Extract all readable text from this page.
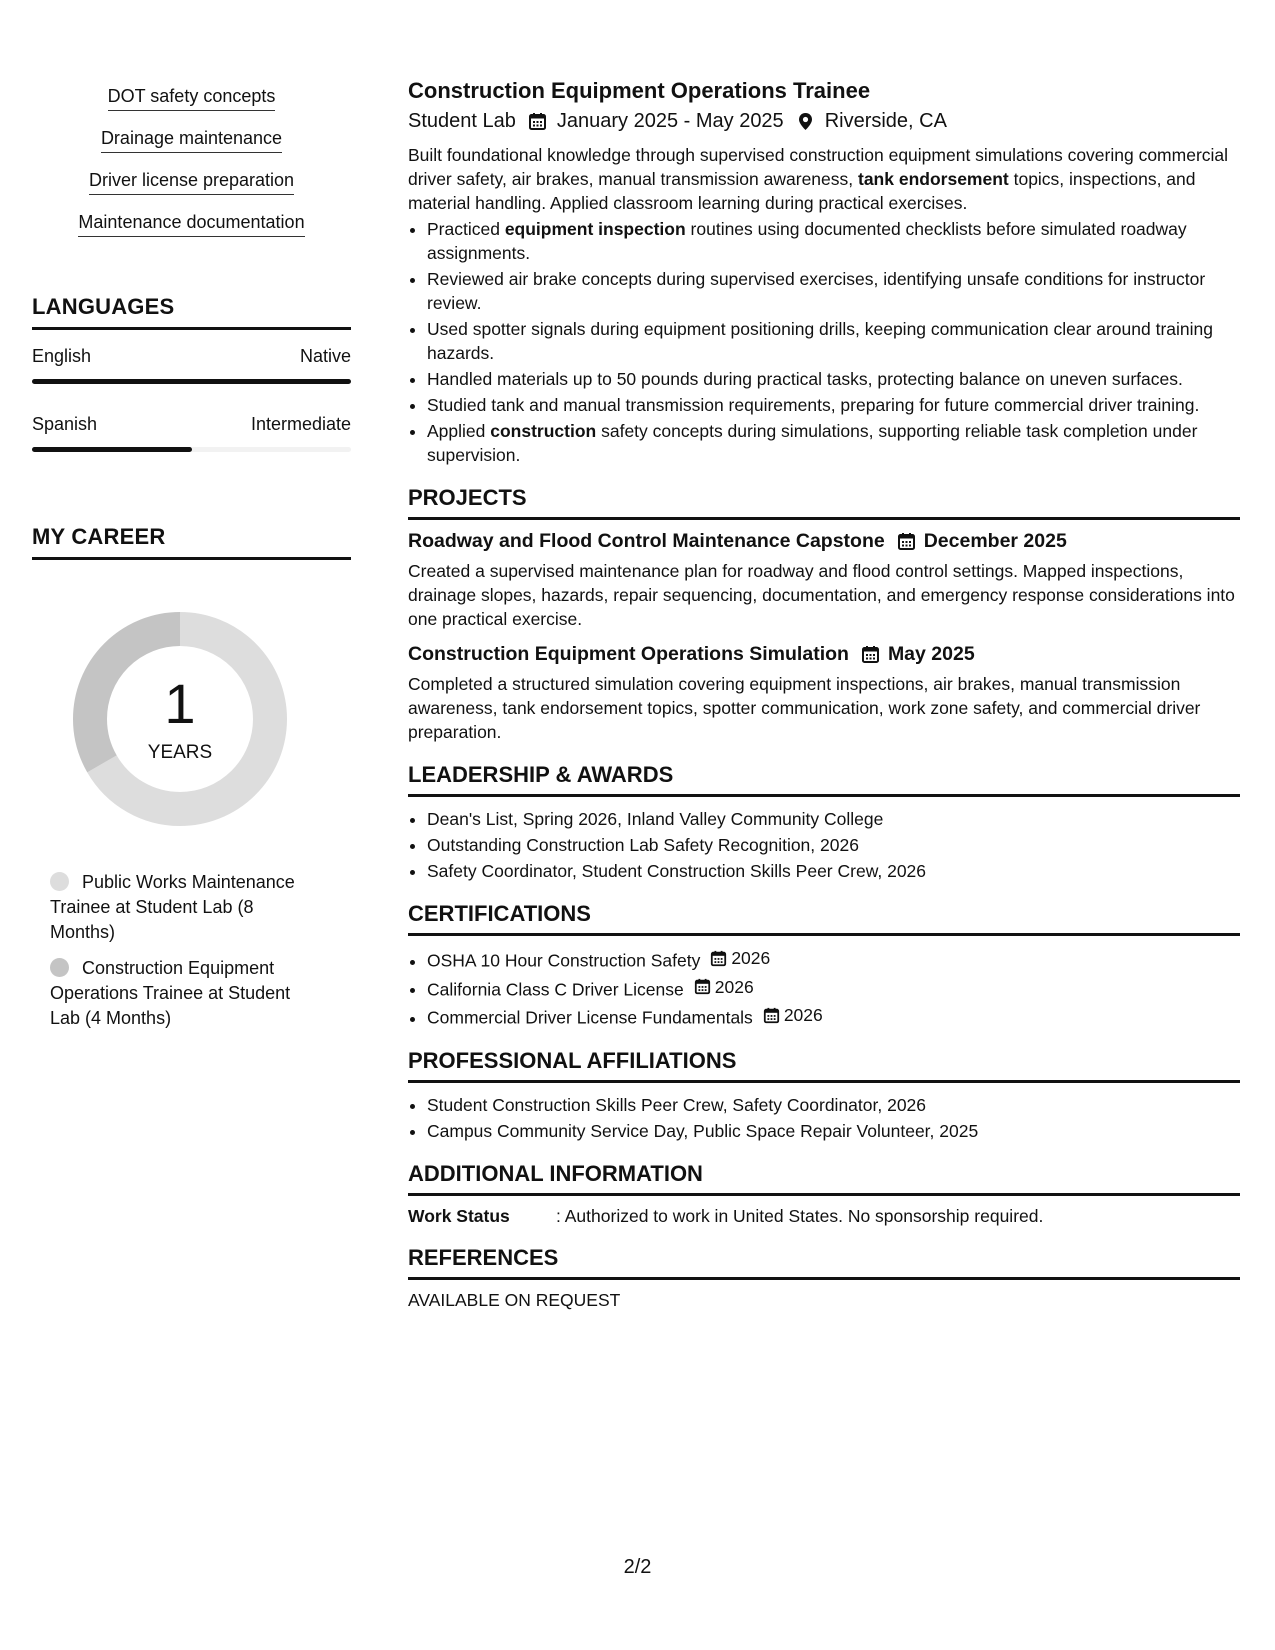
DOT safety concepts
Drainage maintenance
Driver license preparation
Maintenance documentation
LANGUAGES
English	Native
Spanish	Intermediate
MY CAREER
1
YEARS
Public Works Maintenance Trainee at Student Lab (8 Months)
Construction Equipment Operations Trainee at Student Lab (4 Months)
Construction Equipment Operations Trainee
Student Lab January 2025 - May 2025 Riverside, CA

Built foundational knowledge through supervised construction equipment simulations covering commercial driver safety, air brakes, manual transmission awareness, tank endorsement topics, inspections, and material handling. Applied classroom learning during practical exercises.

• Practiced equipment inspection routines using documented checklists before simulated roadway assignments.
• Reviewed air brake concepts during supervised exercises, identifying unsafe conditions for instructor review.
• Used spotter signals during equipment positioning drills, keeping communication clear around training hazards.
• Handled materials up to 50 pounds during practical tasks, protecting balance on uneven surfaces.
• Studied tank and manual transmission requirements, preparing for future commercial driver training.
• Applied construction safety concepts during simulations, supporting reliable task completion under supervision.
PROJECTS
Roadway and Flood Control Maintenance Capstone December 2025
Created a supervised maintenance plan for roadway and flood control settings. Mapped inspections, drainage slopes, hazards, repair sequencing, documentation, and emergency response considerations into one practical exercise.
Construction Equipment Operations Simulation May 2025
Completed a structured simulation covering equipment inspections, air brakes, manual transmission awareness, tank endorsement topics, spotter communication, work zone safety, and commercial driver preparation.
LEADERSHIP & AWARDS
• Dean's List, Spring 2026, Inland Valley Community College
• Outstanding Construction Lab Safety Recognition, 2026
• Safety Coordinator, Student Construction Skills Peer Crew, 2026
CERTIFICATIONS
• OSHA 10 Hour Construction Safety 2026
• California Class C Driver License 2026
• Commercial Driver License Fundamentals 2026
PROFESSIONAL AFFILIATIONS
• Student Construction Skills Peer Crew, Safety Coordinator, 2026
• Campus Community Service Day, Public Space Repair Volunteer, 2025
ADDITIONAL INFORMATION
Work Status	: Authorized to work in United States. No sponsorship required.
REFERENCES
AVAILABLE ON REQUEST
2/2
